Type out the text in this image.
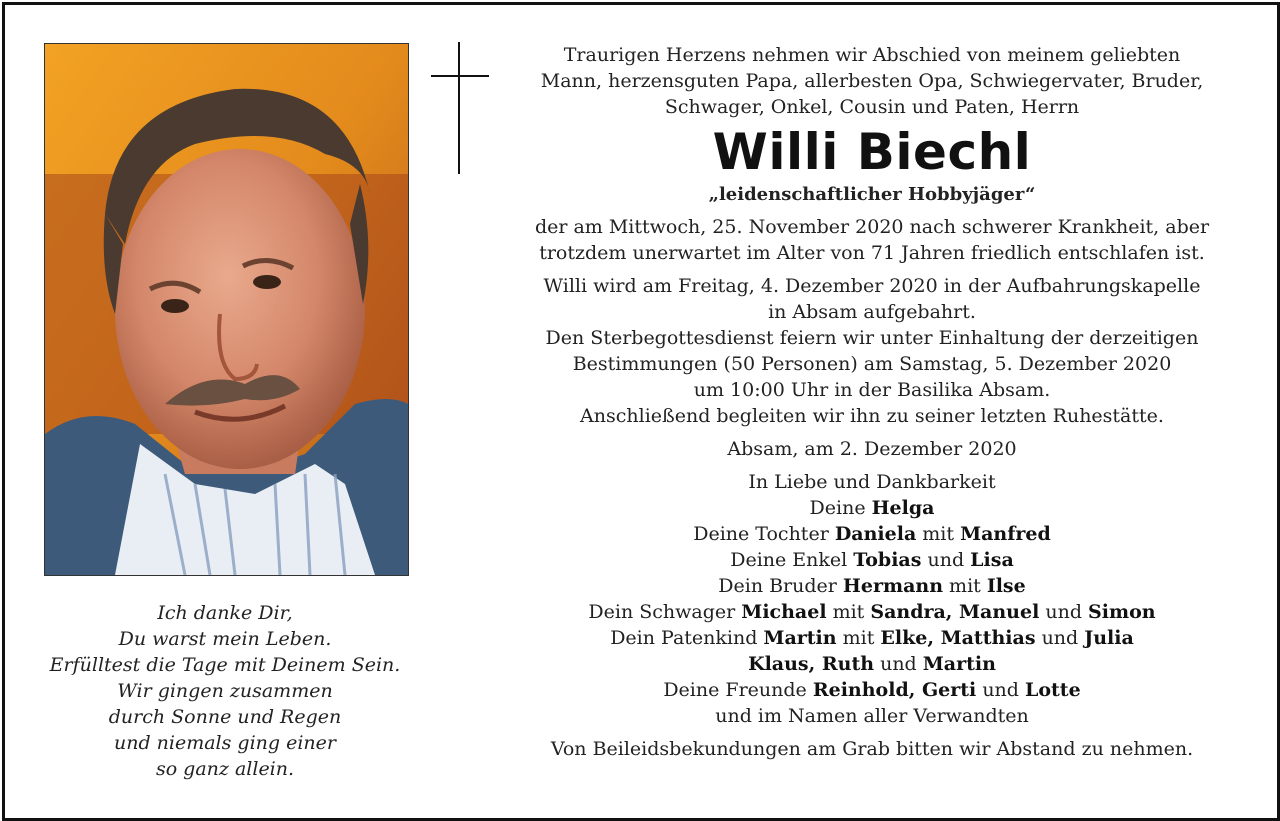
Traurigen Herzens nehmen wir Abschied von meinem geliebten
Mann, herzensguten Papa, allerbesten Opa, Schwiegervater, Bruder,
Schwager, Onkel, Cousin und Paten, Herrn
Willi Biechl
„leidenschaftlicher Hobbyjäger“
der am Mittwoch, 25. November 2020 nach schwerer Krankheit, aber
trotzdem unerwartet im Alter von 71 Jahren friedlich entschlafen ist.
Willi wird am Freitag, 4. Dezember 2020 in der Aufbahrungskapelle
in Absam aufgebahrt.
Den Sterbegottesdienst feiern wir unter Einhaltung der derzeitigen
Bestimmungen (50 Personen) am Samstag, 5. Dezember 2020
um 10:00 Uhr in der Basilika Absam.
Anschließend begleiten wir ihn zu seiner letzten Ruhestätte.
Absam, am 2. Dezember 2020
In Liebe und Dankbarkeit
Deine Helga
Deine Tochter Daniela mit Manfred
Deine Enkel Tobias und Lisa
Dein Bruder Hermann mit Ilse
Dein Schwager Michael mit Sandra, Manuel und Simon
Dein Patenkind Martin mit Elke, Matthias und Julia
Klaus, Ruth und Martin
Deine Freunde Reinhold, Gerti und Lotte
und im Namen aller Verwandten
Von Beileidsbekundungen am Grab bitten wir Abstand zu nehmen.
Ich danke Dir,
Du warst mein Leben.
Erfülltest die Tage mit Deinem Sein.
Wir gingen zusammen
durch Sonne und Regen
und niemals ging einer
so ganz allein.
